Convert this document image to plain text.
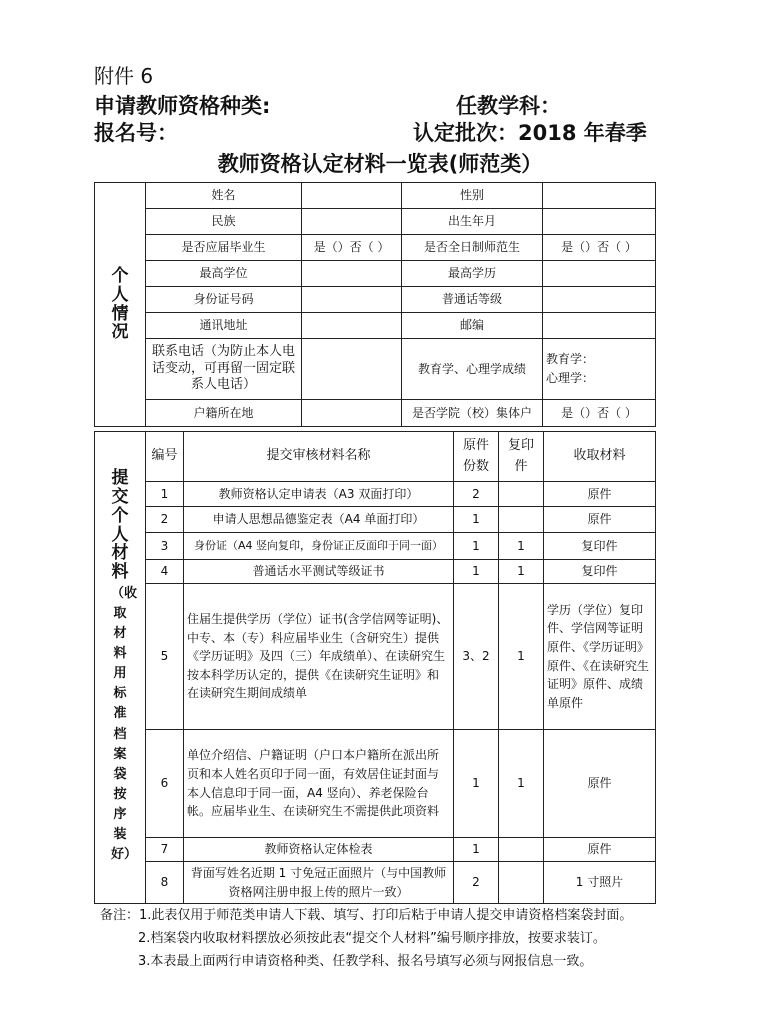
附件 6
申请教师资格种类:	任教学科：
报名号：	认定批次：2018 年春季
教师资格认定材料一览表(师范类）
个人情况	姓名		性别	
	民族		出生年月	
	是否应届毕业生	是（）否（ ）	是否全日制师范生	是（）否（ ）
	最高学位		最高学历	
	身份证号码		普通话等级	
	通讯地址		邮编	
	联系电话（为防止本人电话变动，可再留一固定联系人电话）		教育学、心理学成绩	教育学：
心理学：

	户籍所在地		是否学院（校）集体户	是（）否（ ）
提交个人材料
（收取材料用标准档案袋按序装好）	编号	提交审核材料名称	原件份数	复印件	收取材料
	1	教师资格认定申请表（A3 双面打印）	2		原件
	2	申请人思想品德鉴定表（A4 单面打印）	1		原件
	3	身份证（A4 竖向复印，身份证正反面印于同一面）	1	1	复印件
	4	普通话水平测试等级证书	1	1	复印件
	5	住届生提供学历（学位）证书(含学信网等证明)、中专、本（专）科应届毕业生（含研究生）提供《学历证明》及四（三）年成绩单）、在读研究生按本科学历认定的，提供《在读研究生证明》和在读研究生期间成绩单	3、2	1	学历（学位）复印件、学信网等证明原件、《学历证明》原件、《在读研究生证明》原件、成绩单原件
	6	单位介绍信、户籍证明（户口本户籍所在派出所页和本人姓名页印于同一面，有效居住证封面与本人信息印于同一面，A4 竖向）、养老保险台帐。应届毕业生、在读研究生不需提供此项资料	1	1	原件
	7	教师资格认定体检表	1		原件
	8	背面写姓名近期 1 寸免冠正面照片（与中国教师资格网注册申报上传的照片一致）	2		1 寸照片
备注：1.此表仅用于师范类申请人下载、填写、打印后粘于申请人提交申请资格档案袋封面。
2.档案袋内收取材料摆放必须按此表“提交个人材料”编号顺序排放，按要求装订。
3.本表最上面两行申请资格种类、任教学科、报名号填写必须与网报信息一致。
